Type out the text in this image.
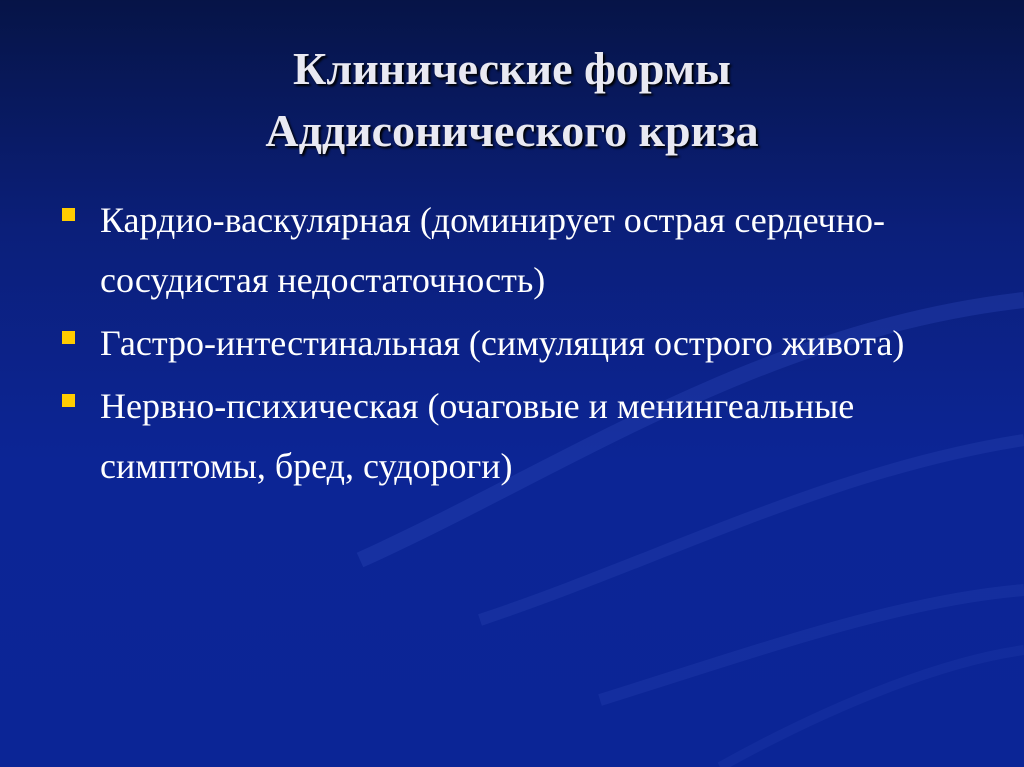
Клинические формы
Аддисонического криза
Кардио-васкулярная (доминирует острая сердечно-сосудистая недостаточность)
Гастро-интестинальная (симуляция острого живота)
Нервно-психическая (очаговые и менингеальные симптомы, бред, судороги)
